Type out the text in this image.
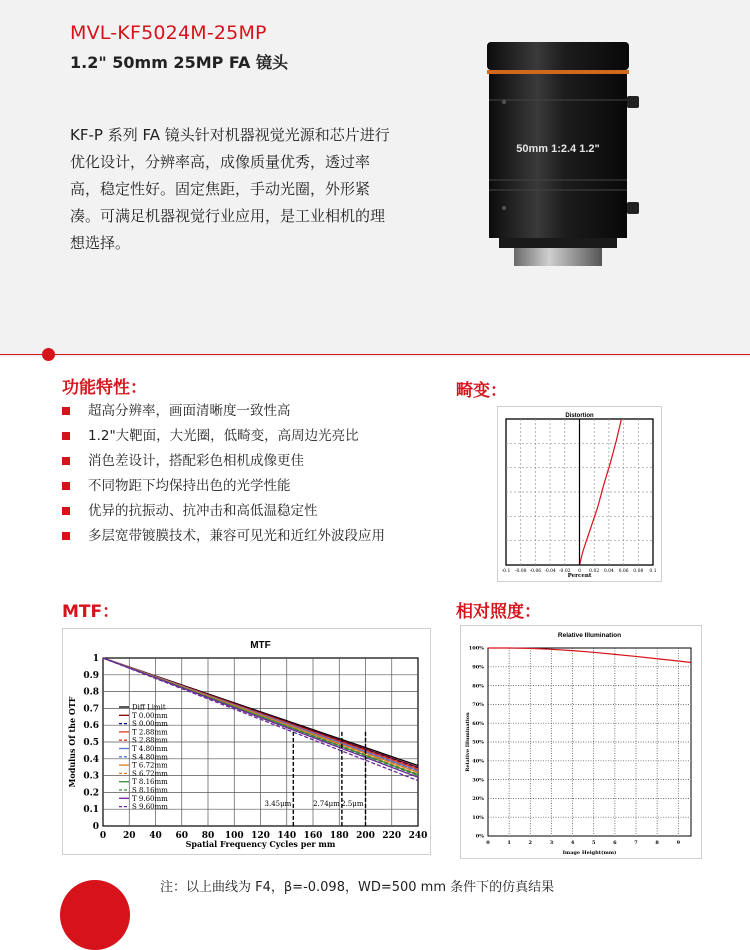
MVL-KF5024M-25MP
1.2" 50mm 25MP FA 镜头
KF-P 系列 FA 镜头针对机器视觉光源和芯片进行优化设计，分辨率高，成像质量优秀，透过率高，稳定性好。固定焦距，手动光圈，外形紧凑。可满足机器视觉行业应用，是工业相机的理想选择。
50mm 1:2.4 1.2"
功能特性：
超高分辨率，画面清晰度一致性高
1.2"大靶面，大光圈，低畸变，高周边光亮比
消色差设计，搭配彩色相机成像更佳
不同物距下均保持出色的光学性能
优异的抗振动、抗冲击和高低温稳定性
多层宽带镀膜技术，兼容可见光和近红外波段应用
畸变：
Distortion
-0.1 -0.08 -0.06 -0.04 -0.02 0 0.02 0.04 0.06 0.08 0.1
Percent
MTF：
MTF
0 20 40 60 80 100 120 140 160 180 200 220 240
0
0.1
0.2
0.3
0.4
0.5
0.6
0.7
0.8
0.9
1
Spatial Frequency Cycles per mm
Modulus Of the OTF
3.45μm	2.74μm 2.5μm
Diff Limit
T 0.00mm
S 0.00mm
T 2.88mm
S 2.88mm
T 4.80mm
S 4.80mm
T 6.72mm
S 6.72mm
T 8.16mm
S 8.16mm
T 9.60mm
S 9.60mm
相对照度：
Relative Illumination
0	1	2	3	4	5	6	7	8	9
0%
10%
20%
30%
40%
50%
60%
70%
80%
90%
100%
Image Height(mm)
Relative Illumination
注：以上曲线为 F4，β=-0.098，WD=500 mm 条件下的仿真结果
